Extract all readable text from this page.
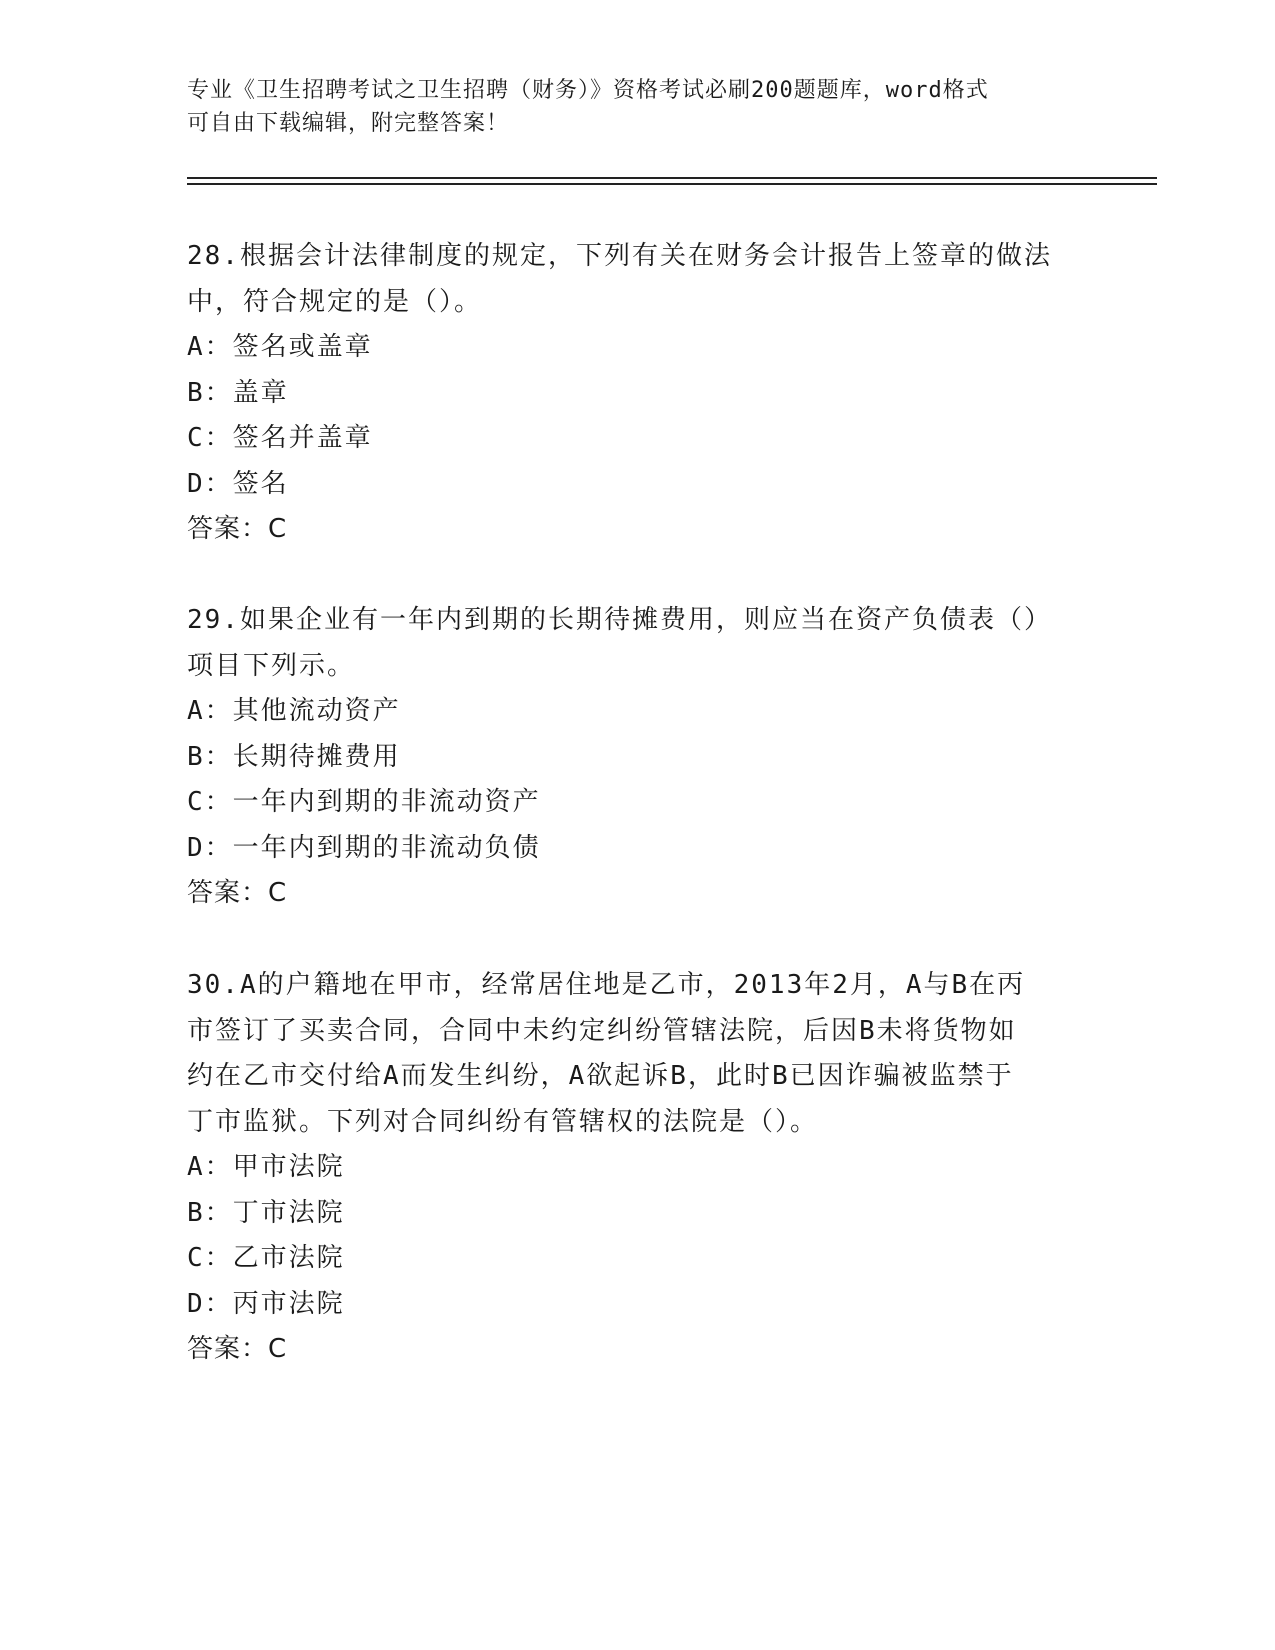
专业《卫生招聘考试之卫生招聘（财务）》资格考试必刷200题题库，word格式
可自由下载编辑，附完整答案！
28.根据会计法律制度的规定，下列有关在财务会计报告上签章的做法
中，符合规定的是（）。
A：签名或盖章
B：盖章
C：签名并盖章
D：签名
答案：C
29.如果企业有一年内到期的长期待摊费用，则应当在资产负债表（）
项目下列示。
A：其他流动资产
B：长期待摊费用
C：一年内到期的非流动资产
D：一年内到期的非流动负债
答案：C
30.A的户籍地在甲市，经常居住地是乙市，2013年2月，A与B在丙
市签订了买卖合同，合同中未约定纠纷管辖法院，后因B未将货物如
约在乙市交付给A而发生纠纷，A欲起诉B，此时B已因诈骗被监禁于
丁市监狱。下列对合同纠纷有管辖权的法院是（）。
A：甲市法院
B：丁市法院
C：乙市法院
D：丙市法院
答案：C
